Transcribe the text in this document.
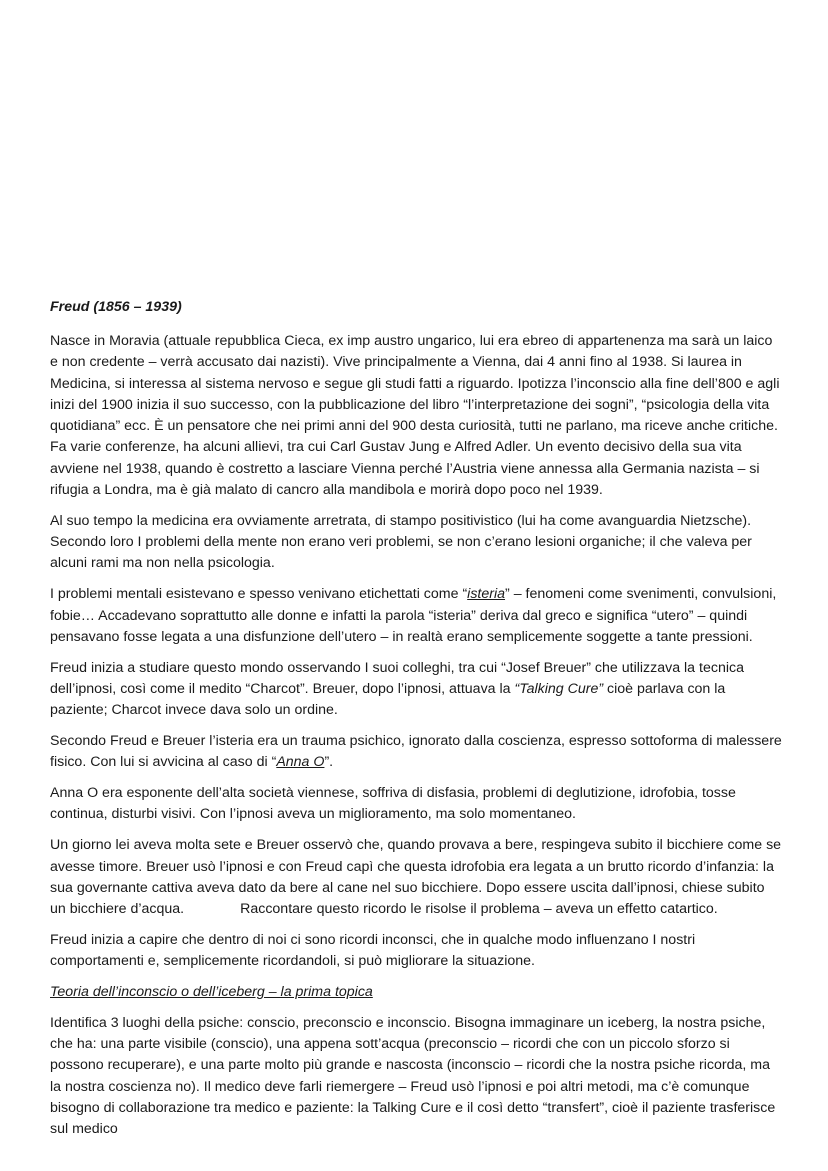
Freud (1856 – 1939)

Nasce in Moravia (attuale repubblica Cieca, ex imp austro ungarico, lui era ebreo di appartenenza ma sarà un laico e non credente – verrà accusato dai nazisti). Vive principalmente a Vienna, dai 4 anni fino al 1938. Si laurea in Medicina, si interessa al sistema nervoso e segue gli studi fatti a riguardo. Ipotizza l’inconscio alla fine dell’800 e agli inizi del 1900 inizia il suo successo, con la pubblicazione del libro “l’interpretazione dei sogni”, “psicologia della vita quotidiana” ecc. È un pensatore che nei primi anni del 900 desta curiosità, tutti ne parlano, ma riceve anche critiche. Fa varie conferenze, ha alcuni allievi, tra cui Carl Gustav Jung e Alfred Adler. Un evento decisivo della sua vita avviene nel 1938, quando è costretto a lasciare Vienna perché l’Austria viene annessa alla Germania nazista – si rifugia a Londra, ma è già malato di cancro alla mandibola e morirà dopo poco nel 1939.

Al suo tempo la medicina era ovviamente arretrata, di stampo positivistico (lui ha come avanguardia Nietzsche). Secondo loro I problemi della mente non erano veri problemi, se non c’erano lesioni organiche; il che valeva per alcuni rami ma non nella psicologia.

I problemi mentali esistevano e spesso venivano etichettati come “isteria” – fenomeni come svenimenti, convulsioni, fobie… Accadevano soprattutto alle donne e infatti la parola “isteria” deriva dal greco e significa “utero” – quindi pensavano fosse legata a una disfunzione dell’utero – in realtà erano semplicemente soggette a tante pressioni.

Freud inizia a studiare questo mondo osservando I suoi colleghi, tra cui “Josef Breuer” che utilizzava la tecnica dell’ipnosi, così come il medito “Charcot”. Breuer, dopo l’ipnosi, attuava la “Talking Cure” cioè parlava con la paziente; Charcot invece dava solo un ordine.

Secondo Freud e Breuer l’isteria era un trauma psichico, ignorato dalla coscienza, espresso sottoforma di malessere fisico. Con lui si avvicina al caso di “Anna O”.

Anna O era esponente dell’alta società viennese, soffriva di disfasia, problemi di deglutizione, idrofobia, tosse continua, disturbi visivi. Con l’ipnosi aveva un miglioramento, ma solo momentaneo.

Un giorno lei aveva molta sete e Breuer osservò che, quando provava a bere, respingeva subito il bicchiere come se avesse timore. Breuer usò l’ipnosi e con Freud capì che questa idrofobia era legata a un brutto ricordo d’infanzia: la sua governante cattiva aveva dato da bere al cane nel suo bicchiere. Dopo essere uscita dall’ipnosi, chiese subito un bicchiere d’acqua.	Raccontare questo ricordo le risolse il problema – aveva un effetto catartico.

Freud inizia a capire che dentro di noi ci sono ricordi inconsci, che in qualche modo influenzano I nostri comportamenti e, semplicemente ricordandoli, si può migliorare la situazione.

Teoria dell’inconscio o dell’iceberg – la prima topica

Identifica 3 luoghi della psiche: conscio, preconscio e inconscio. Bisogna immaginare un iceberg, la nostra psiche, che ha: una parte visibile (conscio), una appena sott’acqua (preconscio – ricordi che con un piccolo sforzo si possono recuperare), e una parte molto più grande e nascosta (inconscio – ricordi che la nostra psiche ricorda, ma la nostra coscienza no). Il medico deve farli riemergere – Freud usò l’ipnosi e poi altri metodi, ma c’è comunque bisogno di collaborazione tra medico e paziente: la Talking Cure e il così detto “transfert”, cioè il paziente trasferisce sul medico
